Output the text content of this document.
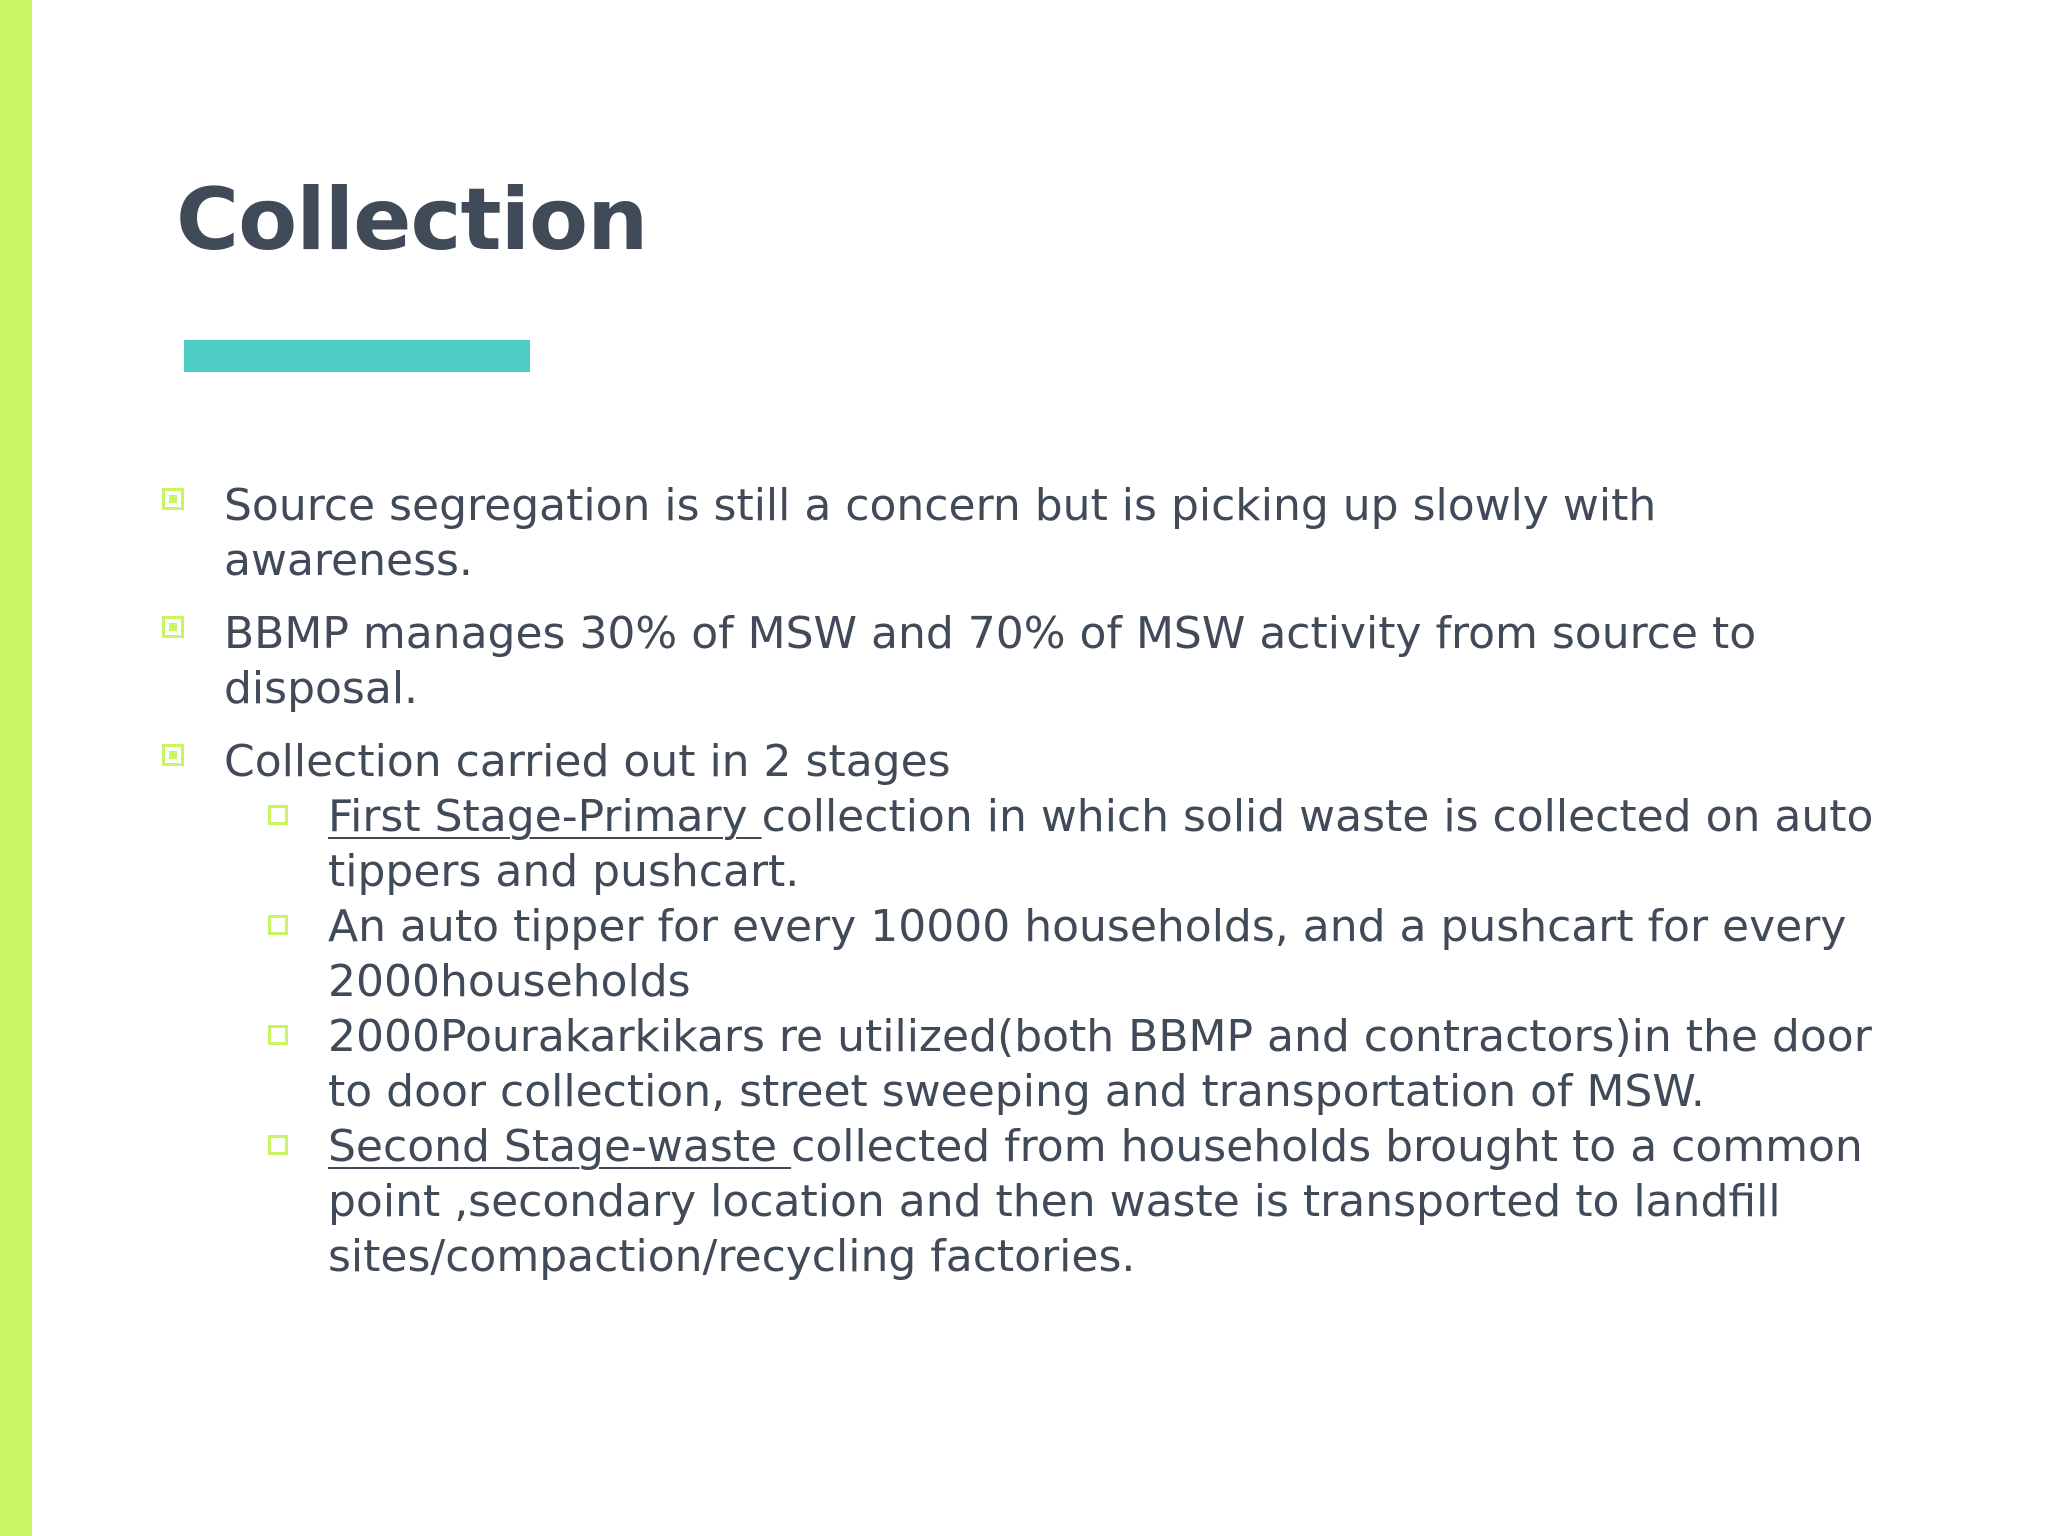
Collection
Source segregation is still a concern but is picking up slowly with awareness.
BBMP manages 30% of MSW and 70% of MSW activity from source to disposal.
Collection carried out in 2 stages
First Stage-Primary collection in which solid waste is collected on auto tippers and pushcart.
An auto tipper for every 10000 households, and a pushcart for every 2000households
2000Pourakarkikars re utilized(both BBMP and contractors)in the door to door collection, street sweeping and transportation of MSW.
Second Stage-waste collected from households brought to a common point ,secondary location and then waste is transported to landfill sites/compaction/recycling factories.
